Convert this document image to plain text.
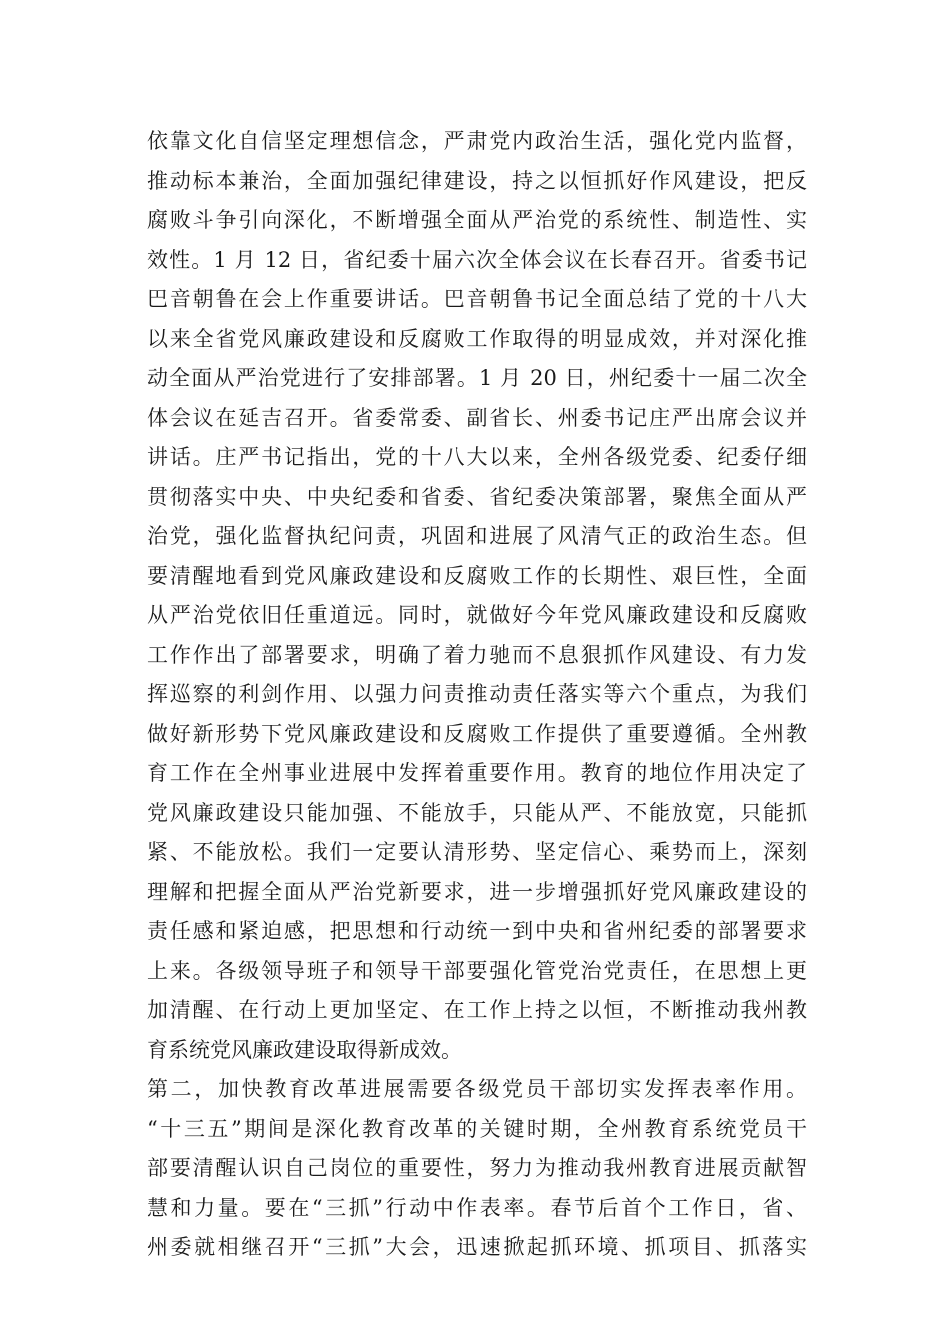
依靠文化自信坚定理想信念，严肃党内政治生活，强化党内监督，
推动标本兼治，全面加强纪律建设，持之以恒抓好作风建设，把反
腐败斗争引向深化，不断增强全面从严治党的系统性、制造性、实
效性。1 月 12 日，省纪委十届六次全体会议在长春召开。省委书记
巴音朝鲁在会上作重要讲话。巴音朝鲁书记全面总结了党的十八大
以来全省党风廉政建设和反腐败工作取得的明显成效，并对深化推
动全面从严治党进行了安排部署。1 月 20 日，州纪委十一届二次全
体会议在延吉召开。省委常委、副省长、州委书记庄严出席会议并
讲话。庄严书记指出，党的十八大以来，全州各级党委、纪委仔细
贯彻落实中央、中央纪委和省委、省纪委决策部署，聚焦全面从严
治党，强化监督执纪问责，巩固和进展了风清气正的政治生态。但
要清醒地看到党风廉政建设和反腐败工作的长期性、艰巨性，全面
从严治党依旧任重道远。同时，就做好今年党风廉政建设和反腐败
工作作出了部署要求，明确了着力驰而不息狠抓作风建设、有力发
挥巡察的利剑作用、以强力问责推动责任落实等六个重点，为我们
做好新形势下党风廉政建设和反腐败工作提供了重要遵循。全州教
育工作在全州事业进展中发挥着重要作用。教育的地位作用决定了
党风廉政建设只能加强、不能放手，只能从严、不能放宽，只能抓
紧、不能放松。我们一定要认清形势、坚定信心、乘势而上，深刻
理解和把握全面从严治党新要求，进一步增强抓好党风廉政建设的
责任感和紧迫感，把思想和行动统一到中央和省州纪委的部署要求
上来。各级领导班子和领导干部要强化管党治党责任，在思想上更
加清醒、在行动上更加坚定、在工作上持之以恒，不断推动我州教
育系统党风廉政建设取得新成效。
第二，加快教育改革进展需要各级党员干部切实发挥表率作用。
“十三五”期间是深化教育改革的关键时期，全州教育系统党员干
部要清醒认识自己岗位的重要性，努力为推动我州教育进展贡献智
慧和力量。要在“三抓”行动中作表率。春节后首个工作日，省、
州委就相继召开“三抓”大会，迅速掀起抓环境、抓项目、抓落实
